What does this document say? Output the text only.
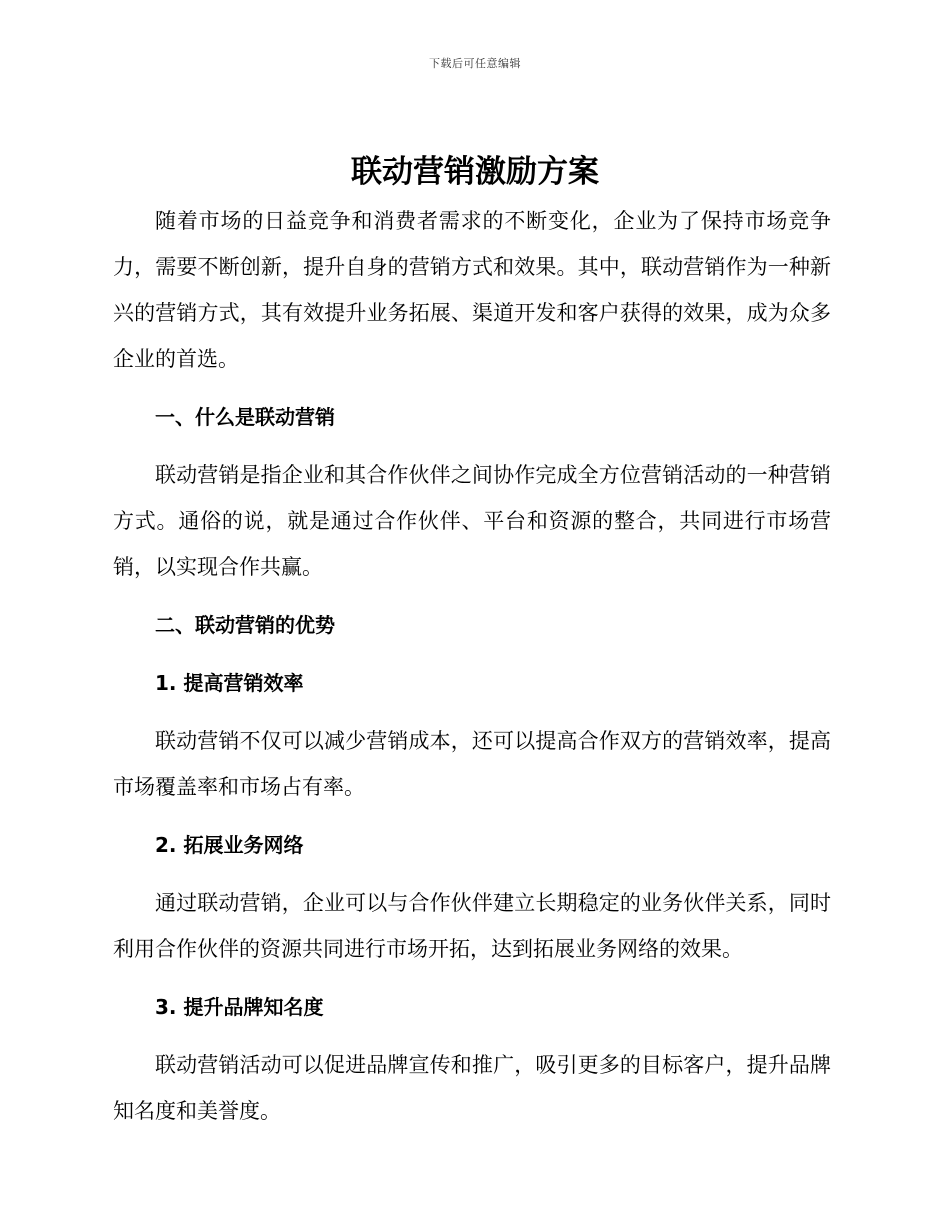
下载后可任意编辑
联动营销激励方案

随着市场的日益竞争和消费者需求的不断变化，企业为了保持市场竞争力，需要不断创新，提升自身的营销方式和效果。其中，联动营销作为一种新兴的营销方式，其有效提升业务拓展、渠道开发和客户获得的效果，成为众多企业的首选。

一、什么是联动营销

联动营销是指企业和其合作伙伴之间协作完成全方位营销活动的一种营销方式。通俗的说，就是通过合作伙伴、平台和资源的整合，共同进行市场营销，以实现合作共赢。

二、联动营销的优势

1. 提高营销效率

联动营销不仅可以减少营销成本，还可以提高合作双方的营销效率，提高市场覆盖率和市场占有率。

2. 拓展业务网络

通过联动营销，企业可以与合作伙伴建立长期稳定的业务伙伴关系，同时利用合作伙伴的资源共同进行市场开拓，达到拓展业务网络的效果。

3. 提升品牌知名度

联动营销活动可以促进品牌宣传和推广，吸引更多的目标客户，提升品牌知名度和美誉度。
